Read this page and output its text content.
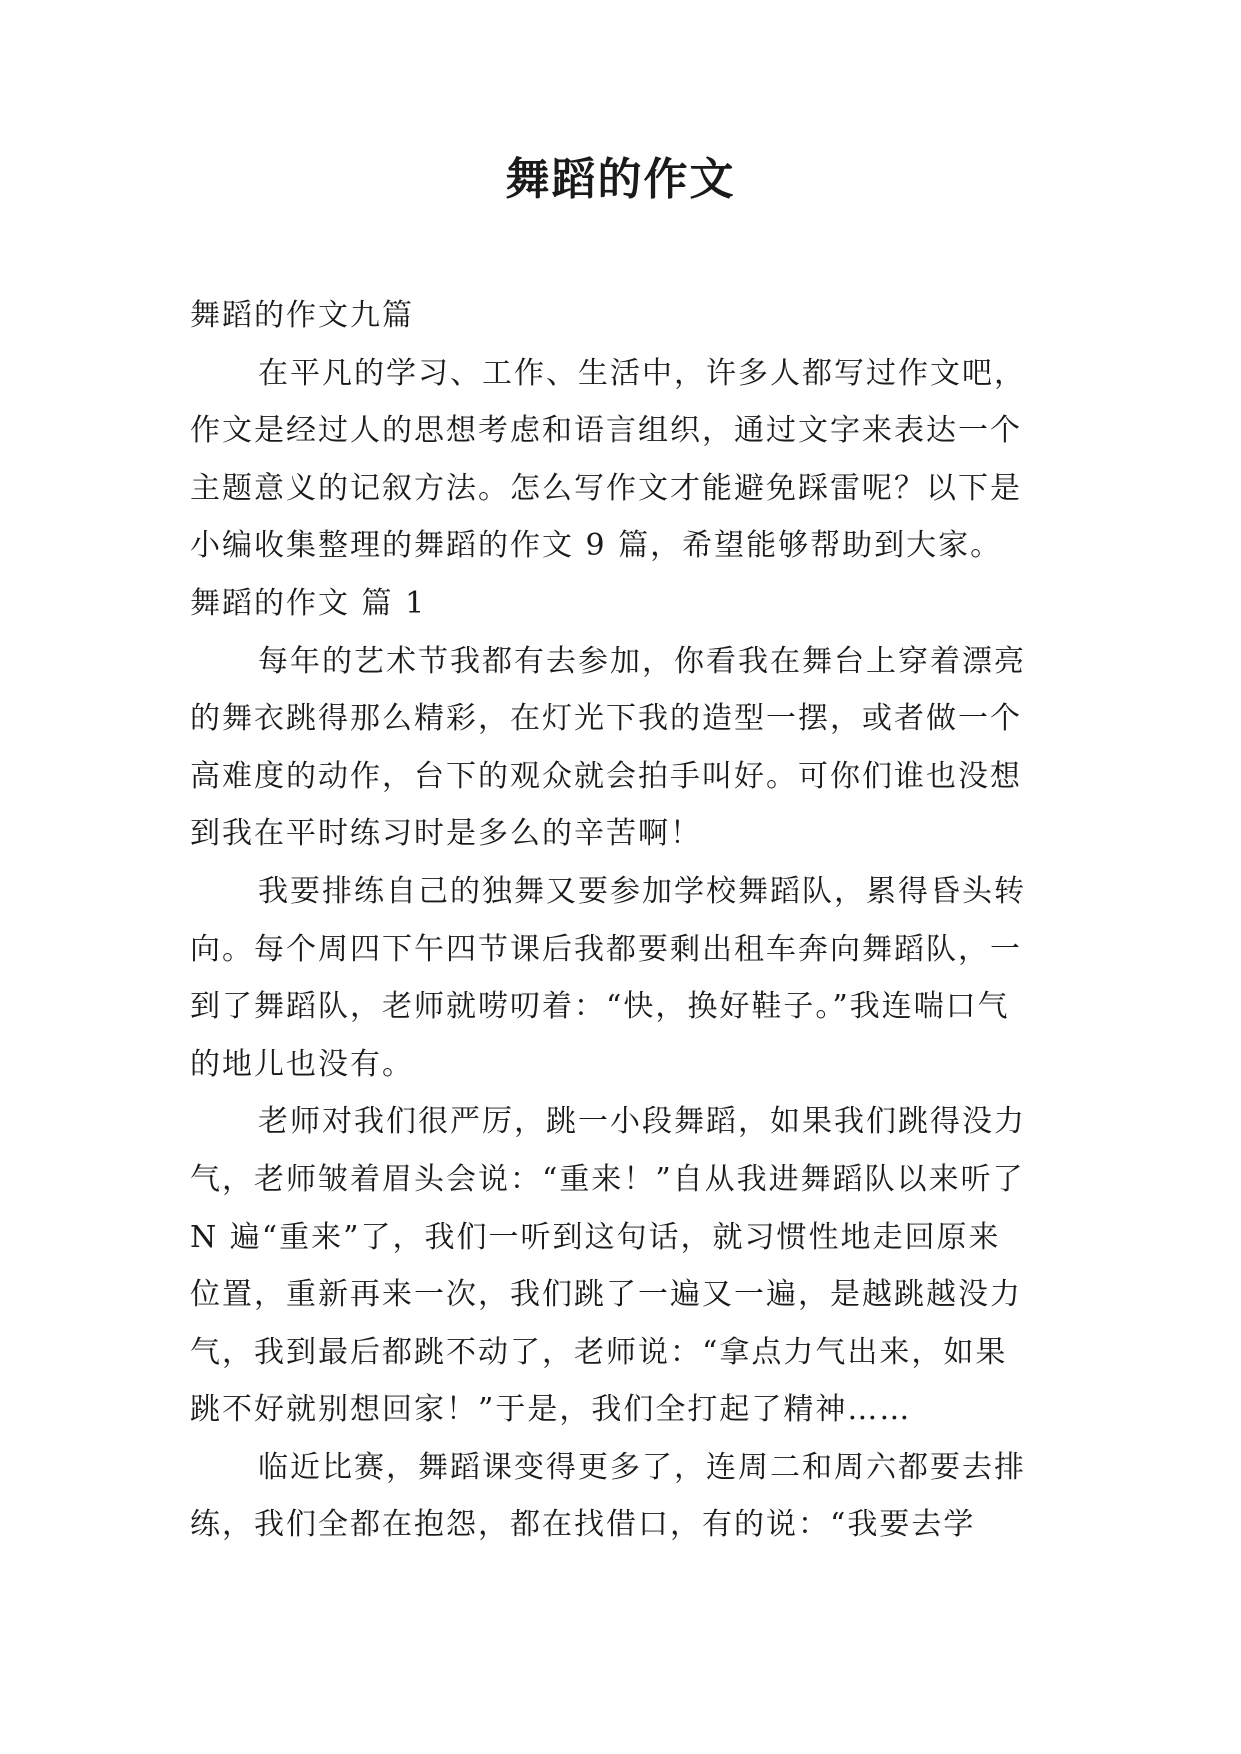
舞蹈的作文
舞蹈的作文九篇
在平凡的学习、工作、生活中，许多人都写过作文吧，
作文是经过人的思想考虑和语言组织，通过文字来表达一个
主题意义的记叙方法。怎么写作文才能避免踩雷呢？以下是
小编收集整理的舞蹈的作文 9 篇，希望能够帮助到大家。
舞蹈的作文 篇 1
每年的艺术节我都有去参加，你看我在舞台上穿着漂亮
的舞衣跳得那么精彩，在灯光下我的造型一摆，或者做一个
高难度的动作，台下的观众就会拍手叫好。可你们谁也没想
到我在平时练习时是多么的辛苦啊！
我要排练自己的独舞又要参加学校舞蹈队，累得昏头转
向。每个周四下午四节课后我都要剩出租车奔向舞蹈队，一
到了舞蹈队，老师就唠叨着：“快，换好鞋子。”我连喘口气
的地儿也没有。
老师对我们很严厉，跳一小段舞蹈，如果我们跳得没力
气，老师皱着眉头会说：“重来！”自从我进舞蹈队以来听了
N 遍“重来”了，我们一听到这句话，就习惯性地走回原来
位置，重新再来一次，我们跳了一遍又一遍，是越跳越没力
气，我到最后都跳不动了，老师说：“拿点力气出来，如果
跳不好就别想回家！”于是，我们全打起了精神……
临近比赛，舞蹈课变得更多了，连周二和周六都要去排
练，我们全都在抱怨，都在找借口，有的说：“我要去学
